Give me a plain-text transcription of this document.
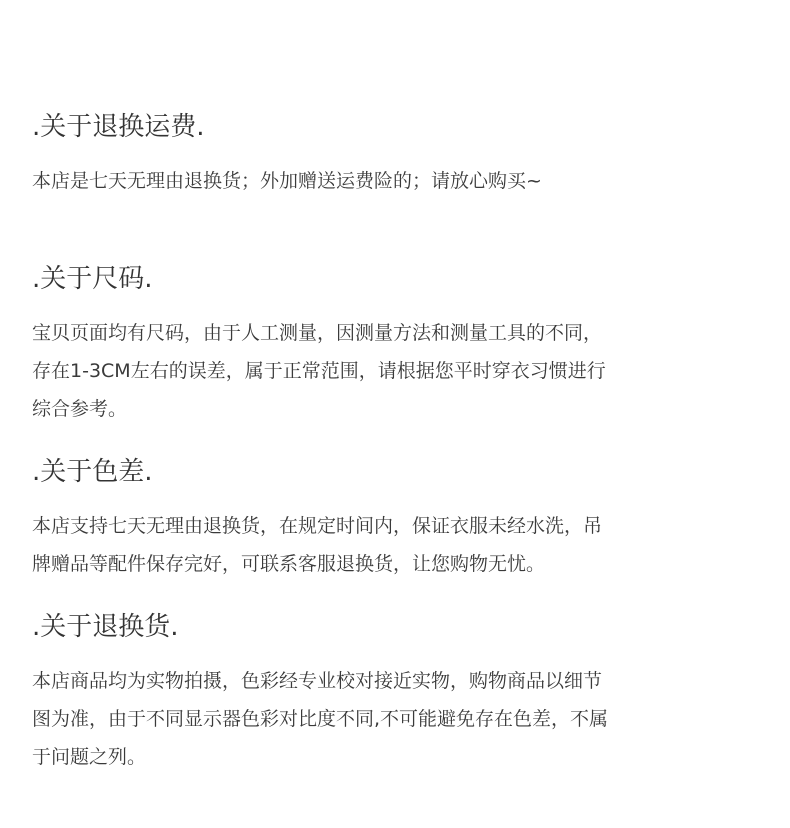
.关于退换运费.

本店是七天无理由退换货；外加赠送运费险的；请放心购买~

.关于尺码.

宝贝页面均有尺码，由于人工测量，因测量方法和测量工具的不同，
存在1-3CM左右的误差，属于正常范围，请根据您平时穿衣习惯进行
综合参考。

.关于色差.

本店支持七天无理由退换货，在规定时间内，保证衣服未经水洗，吊
牌赠品等配件保存完好，可联系客服退换货，让您购物无忧。

.关于退换货.

本店商品均为实物拍摄，色彩经专业校对接近实物，购物商品以细节
图为准，由于不同显示器色彩对比度不同,不可能避免存在色差，不属
于问题之列。
